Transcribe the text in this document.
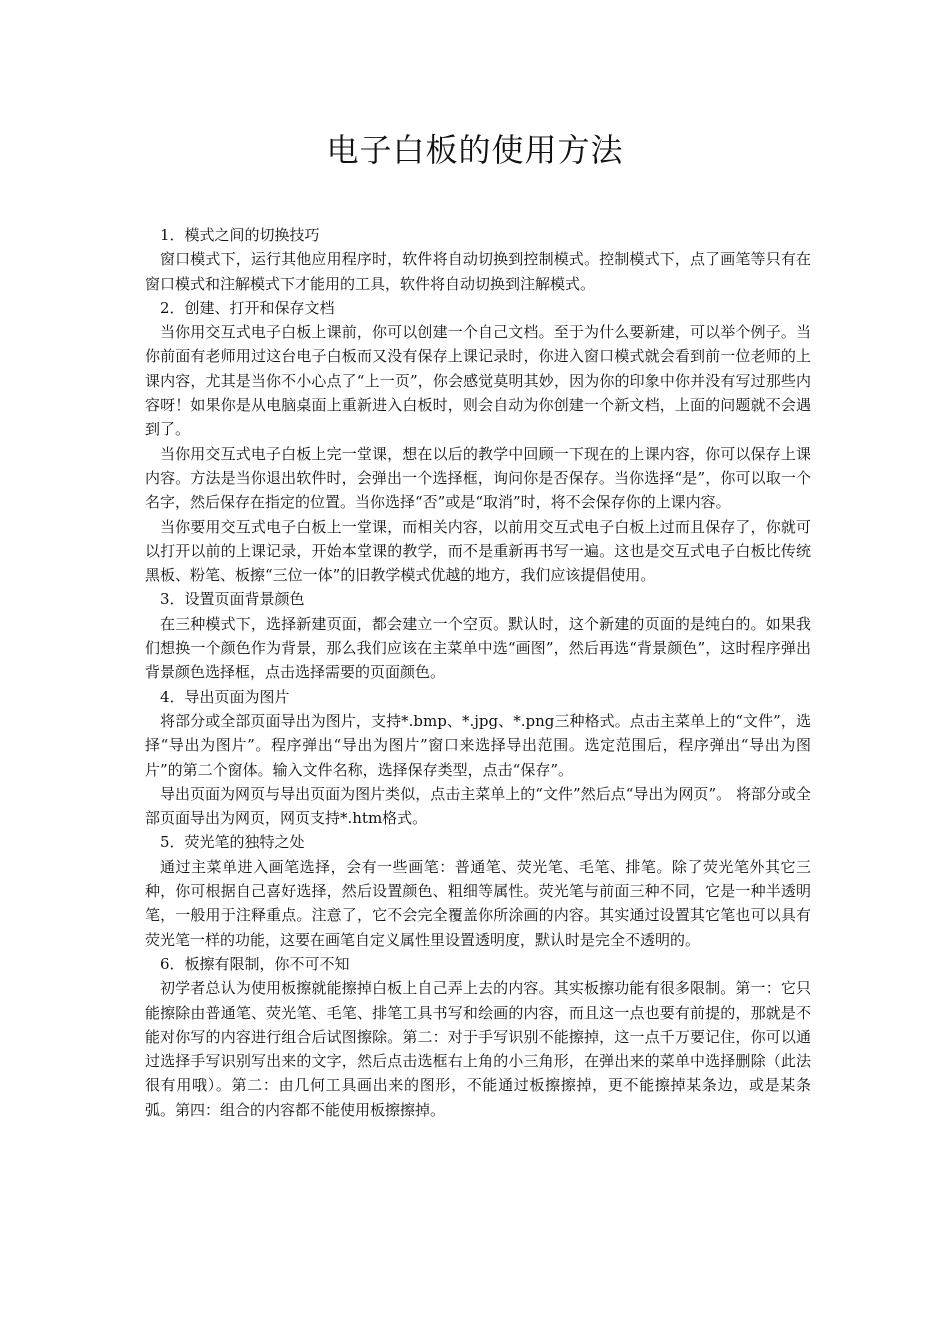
电子白板的使用方法

1．模式之间的切换技巧

窗口模式下，运行其他应用程序时，软件将自动切换到控制模式。控制模式下，点了画笔等只有在窗口模式和注解模式下才能用的工具，软件将自动切换到注解模式。

2．创建、打开和保存文档

当你用交互式电子白板上课前，你可以创建一个自己文档。至于为什么要新建，可以举个例子。当你前面有老师用过这台电子白板而又没有保存上课记录时，你进入窗口模式就会看到前一位老师的上课内容，尤其是当你不小心点了“上一页”，你会感觉莫明其妙，因为你的印象中你并没有写过那些内容呀！如果你是从电脑桌面上重新进入白板时，则会自动为你创建一个新文档，上面的问题就不会遇到了。

当你用交互式电子白板上完一堂课，想在以后的教学中回顾一下现在的上课内容，你可以保存上课内容。方法是当你退出软件时，会弹出一个选择框，询问你是否保存。当你选择“是”，你可以取一个名字，然后保存在指定的位置。当你选择“否”或是“取消”时，将不会保存你的上课内容。

当你要用交互式电子白板上一堂课，而相关内容，以前用交互式电子白板上过而且保存了，你就可以打开以前的上课记录，开始本堂课的教学，而不是重新再书写一遍。这也是交互式电子白板比传统黑板、粉笔、板擦“三位一体”的旧教学模式优越的地方，我们应该提倡使用。

3．设置页面背景颜色

在三种模式下，选择新建页面，都会建立一个空页。默认时，这个新建的页面的是纯白的。如果我们想换一个颜色作为背景，那么我们应该在主菜单中选“画图”，然后再选“背景颜色”，这时程序弹出背景颜色选择框，点击选择需要的页面颜色。

4．导出页面为图片

将部分或全部页面导出为图片，支持*.bmp、*.jpg、*.png三种格式。点击主菜单上的“文件”，选择“导出为图片”。程序弹出“导出为图片”窗口来选择导出范围。选定范围后，程序弹出“导出为图片”的第二个窗体。输入文件名称，选择保存类型，点击“保存”。

导出页面为网页与导出页面为图片类似，点击主菜单上的“文件”然后点“导出为网页”。 将部分或全部页面导出为网页，网页支持*.htm格式。

5．荧光笔的独特之处

通过主菜单进入画笔选择，会有一些画笔：普通笔、荧光笔、毛笔、排笔。除了荧光笔外其它三种，你可根据自己喜好选择，然后设置颜色、粗细等属性。荧光笔与前面三种不同，它是一种半透明笔，一般用于注释重点。注意了，它不会完全覆盖你所涂画的内容。其实通过设置其它笔也可以具有荧光笔一样的功能，这要在画笔自定义属性里设置透明度，默认时是完全不透明的。

6．板擦有限制，你不可不知

初学者总认为使用板擦就能擦掉白板上自己弄上去的内容。其实板擦功能有很多限制。第一：它只能擦除由普通笔、荧光笔、毛笔、排笔工具书写和绘画的内容，而且这一点也要有前提的，那就是不能对你写的内容进行组合后试图擦除。第二：对于手写识别不能擦掉，这一点千万要记住，你可以通过选择手写识别写出来的文字，然后点击选框右上角的小三角形，在弹出来的菜单中选择删除（此法很有用哦）。第二：由几何工具画出来的图形，不能通过板擦擦掉，更不能擦掉某条边，或是某条弧。第四：组合的内容都不能使用板擦擦掉。
